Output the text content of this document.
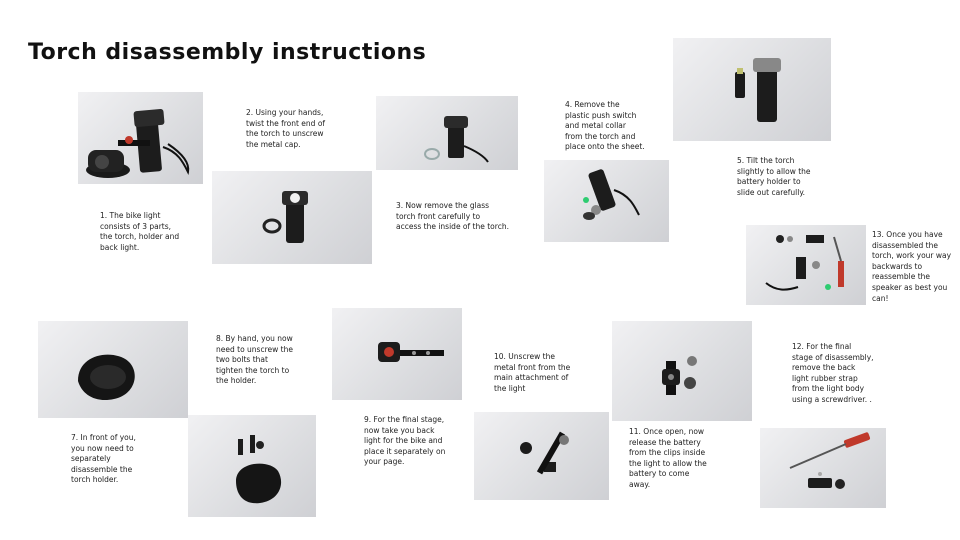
Torch disassembly instructions
1. The bike light
consists of 3 parts,
the torch, holder and
back light.
2. Using your hands,
twist the front end of
the torch to unscrew
the metal cap.
3. Now remove the glass
torch front carefully to
access the inside of the torch.
4. Remove the
plastic push switch
and metal collar
from the torch and
place onto the sheet.
5. Tilt the torch
slightly to allow the
battery holder to
slide out carefully.
13. Once you have
disassembled the
torch, work your way
backwards to
reassemble the
speaker as best you
can!
8. By hand, you now
need to unscrew the
two bolts that
tighten the torch to
the holder.
10. Unscrew the
metal front from the
main attachment of
the light
12. For the final
stage of disassembly,
remove the back
light rubber strap
from the light body
using a screwdriver. .
7. In front of you,
you now need to
separately
disassemble the
torch holder.
9. For the final stage,
now take you back
light for the bike and
place it separately on
your page.
11. Once open, now
release the battery
from the clips inside
the light to allow the
battery to come
away.
